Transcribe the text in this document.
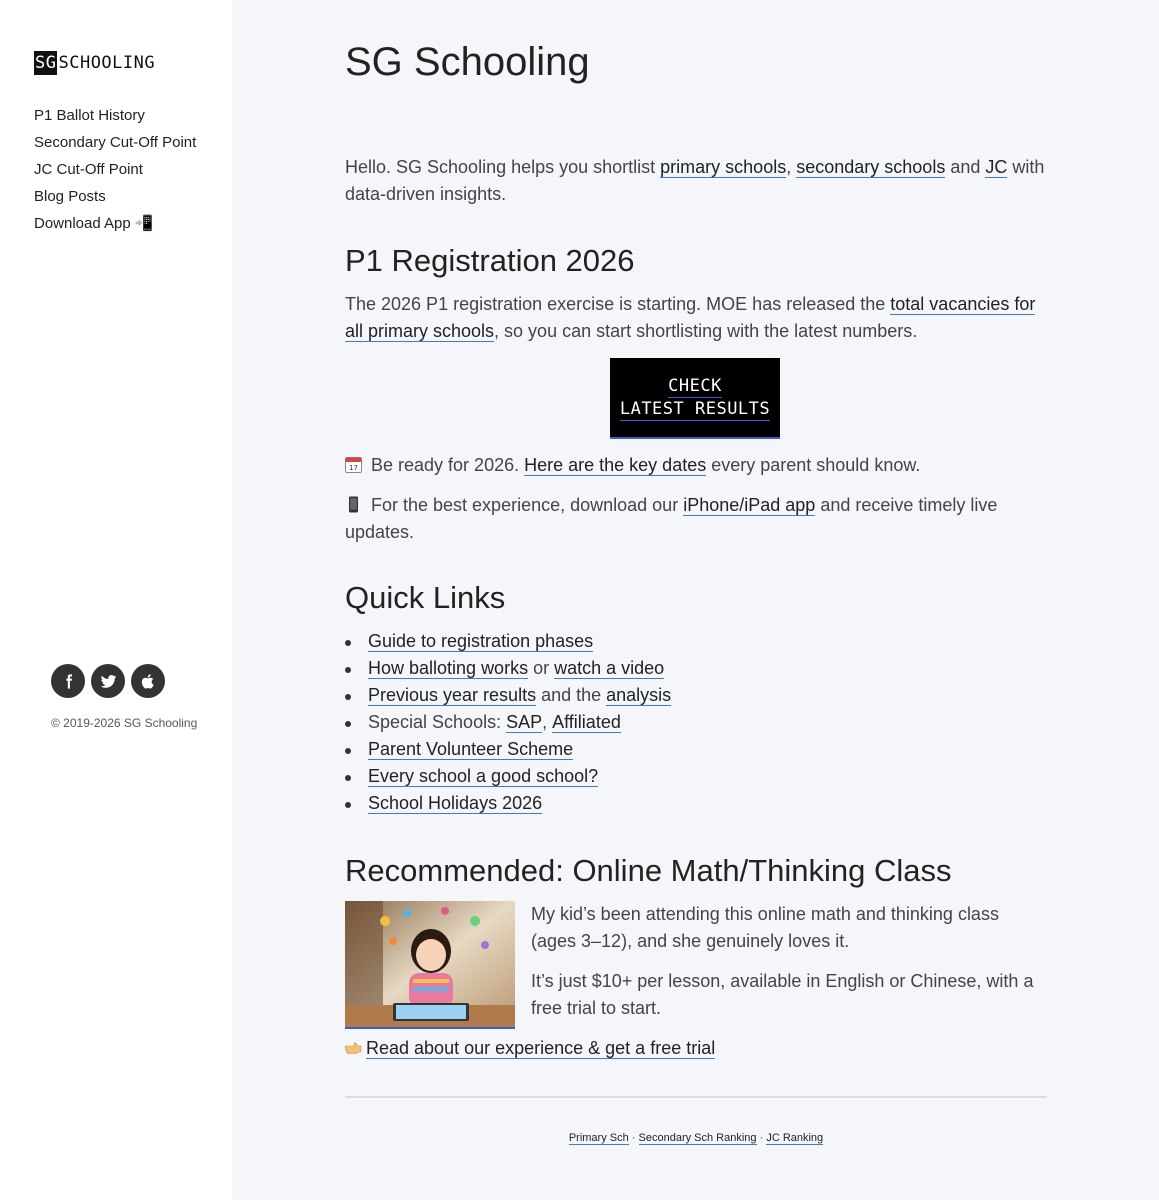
SG SCHOOLING
P1 Ballot History
Secondary Cut-Off Point
JC Cut-Off Point
Blog Posts
Download App 📲
© 2019-2026 SG Schooling
SG Schooling
Hello. SG Schooling helps you shortlist primary schools, secondary schools and JC with data-driven insights.
P1 Registration 2026
The 2026 P1 registration exercise is starting. MOE has released the total vacancies for all primary schools, so you can start shortlisting with the latest numbers.
CHECK
LATEST RESULTS
17 Be ready for 2026. Here are the key dates every parent should know.
For the best experience, download our iPhone/iPad app and receive timely live updates.
Quick Links
Guide to registration phases
How balloting works or watch a video
Previous year results and the analysis
Special Schools: SAP, Affiliated
Parent Volunteer Scheme
Every school a good school?
School Holidays 2026
Recommended: Online Math/Thinking Class
My kid’s been attending this online math and thinking class (ages 3–12), and she genuinely loves it.
It’s just $10+ per lesson, available in English or Chinese, with a free trial to start.
Read about our experience & get a free trial
Primary Sch · Secondary Sch Ranking · JC Ranking
